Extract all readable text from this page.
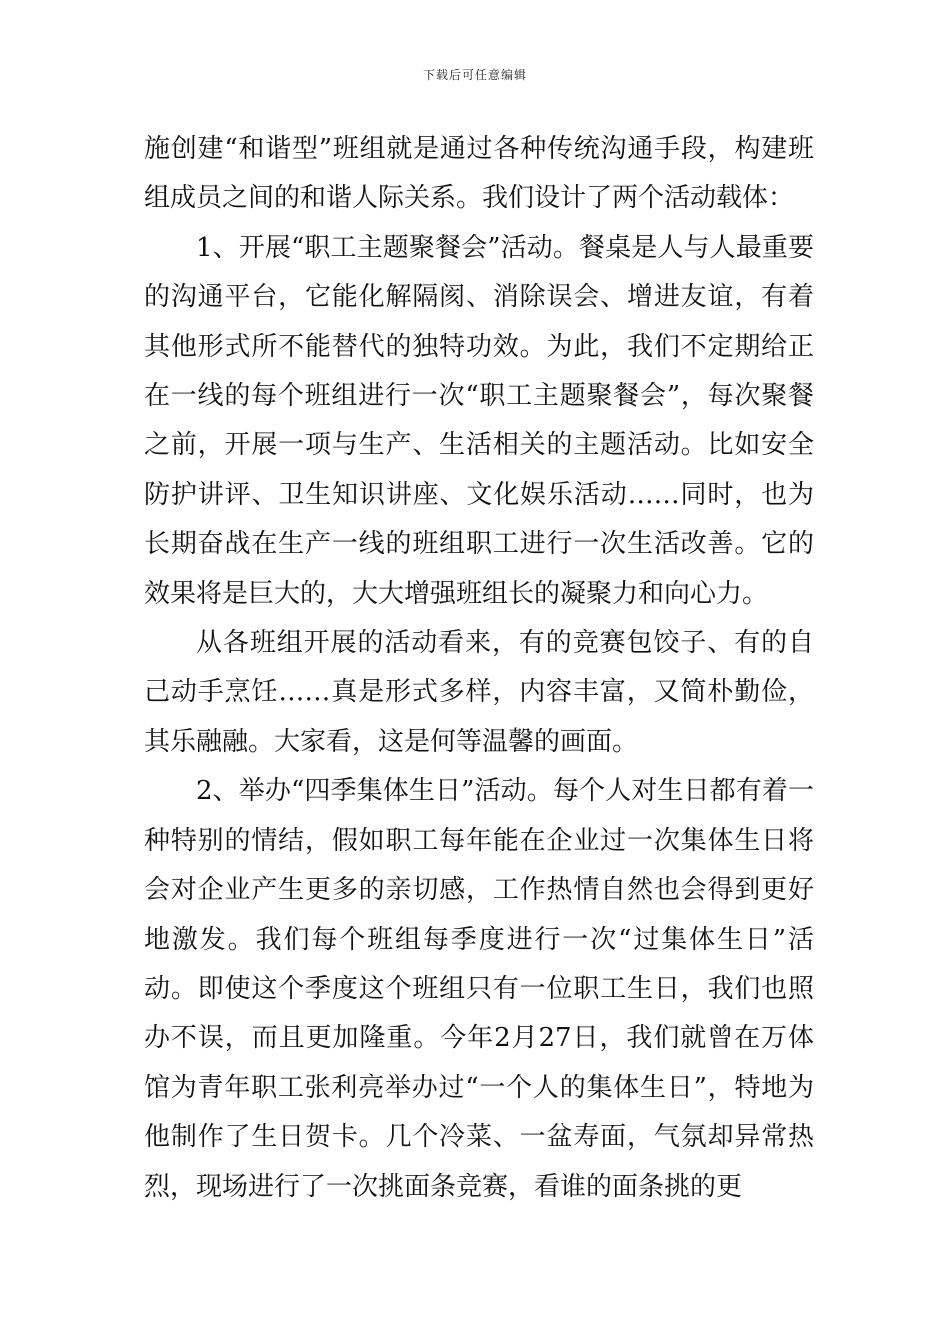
下载后可任意编辑

施创建“和谐型”班组就是通过各种传统沟通手段，构建班组成员之间的和谐人际关系。我们设计了两个活动载体：

1、开展“职工主题聚餐会”活动。餐桌是人与人最重要的沟通平台，它能化解隔阂、消除误会、增进友谊，有着其他形式所不能替代的独特功效。为此，我们不定期给正在一线的每个班组进行一次“职工主题聚餐会”，每次聚餐之前，开展一项与生产、生活相关的主题活动。比如安全防护讲评、卫生知识讲座、文化娱乐活动……同时，也为长期奋战在生产一线的班组职工进行一次生活改善。它的效果将是巨大的，大大增强班组长的凝聚力和向心力。

从各班组开展的活动看来，有的竞赛包饺子、有的自己动手烹饪……真是形式多样，内容丰富，又简朴勤俭，其乐融融。大家看，这是何等温馨的画面。

2、举办“四季集体生日”活动。每个人对生日都有着一种特别的情结，假如职工每年能在企业过一次集体生日将会对企业产生更多的亲切感，工作热情自然也会得到更好地激发。我们每个班组每季度进行一次“过集体生日”活动。即使这个季度这个班组只有一位职工生日，我们也照办不误，而且更加隆重。今年2月27日，我们就曾在万体馆为青年职工张利亮举办过“一个人的集体生日”，特地为他制作了生日贺卡。几个冷菜、一盆寿面，气氛却异常热烈，现场进行了一次挑面条竞赛，看谁的面条挑的更
